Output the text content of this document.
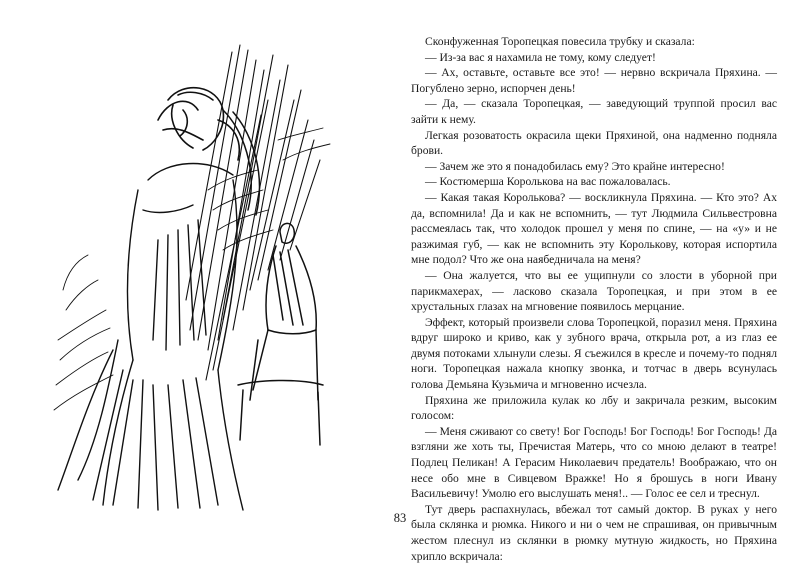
Сконфуженная Торопецкая повесила трубку и сказала:

— Из-за вас я нахамила не тому, кому следует!

— Ах, оставьте, оставьте все это! — нервно вскричала Пряхина. — Погублено зерно, испорчен день!

— Да, — сказала Торопецкая, — заведующий труппой просил вас зайти к нему.

Легкая розоватость окрасила щеки Пряхиной, она надменно подняла брови.

— Зачем же это я понадобилась ему? Это крайне интересно!

— Костюмерша Королькова на вас пожаловалась.

— Какая такая Королькова? — воскликнула Пряхина. — Кто это? Ах да, вспомнила! Да и как не вспомнить, — тут Людмила Сильвестровна рассмеялась так, что холодок прошел у меня по спине, — на «у» и не разжимая губ, — как не вспомнить эту Королькову, которая испортила мне подол? Что же она наябедничала на меня?

— Она жалуется, что вы ее ущипнули со злости в уборной при парикмахерах, — ласково сказала Торопецкая, и при этом в ее хрустальных глазах на мгновение появилось мерцание.

Эффект, который произвели слова Торопецкой, поразил меня. Пряхина вдруг широко и криво, как у зубного врача, открыла рот, а из глаз ее двумя потоками хлынули слезы. Я съежился в кресле и почему-то поднял ноги. Торопецкая нажала кнопку звонка, и тотчас в дверь всунулась голова Демьяна Кузьмича и мгновенно исчезла.

Пряхина же приложила кулак ко лбу и закричала резким, высоким голосом:

— Меня сживают со свету! Бог Господь! Бог Господь! Бог Господь! Да взгляни же хоть ты, Пречистая Матерь, что со мною делают в театре! Подлец Пеликан! А Герасим Николаевич предатель! Воображаю, что он несе обо мне в Сивцевом Вражке! Но я брошусь в ноги Ивану Васильевичу! Умолю его выслушать меня!.. — Голос ее сел и треснул.

Тут дверь распахнулась, вбежал тот самый доктор. В руках у него была склянка и рюмка. Никого и ни о чем не спрашивая, он привычным жестом плеснул из склянки в рюмку мутную жидкость, но Пряхина хрипло вскричала:

83
